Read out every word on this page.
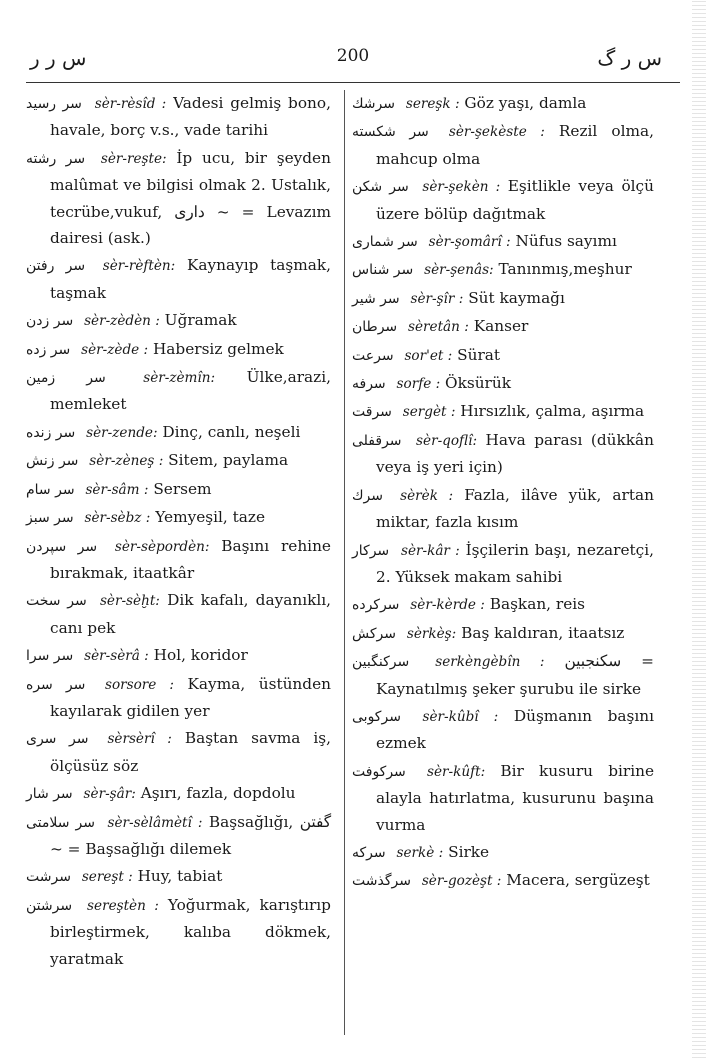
س ر ر	200	س ر گ
سر رسيد sèr-rèsîd : Vadesi gelmiş bono, havale, borç v.s., vade tarihi
سر رشته sèr-reşte: İp ucu, bir şeyden malûmat ve bilgisi olmak 2. Ustalık, tecrübe,vukuf, دارى ~ = Levazım dairesi (ask.)
سر رفتن sèr-rèftèn: Kaynayıp taşmak, taşmak
سر زدن sèr-zèdèn : Uğramak
سر زده sèr-zède : Habersiz gelmek
سر زمين	sèr-zèmîn: Ülke,arazi, memleket
سر زنده sèr-zende: Dinç, canlı, neşeli
سر زنش sèr-zèneş : Sitem, paylama
سر سام sèr-sâm : Sersem
سر سبز sèr-sèbz : Yemyeşil, taze
سر سپردن sèr-sèpordèn: Başını rehine bırakmak, itaatkâr
سر سخت sèr-sèḫt: Dik kafalı, dayanıklı, canı pek
سر سرا sèr-sèrâ : Hol, koridor
سر سره sorsore : Kayma, üstünden kayılarak gidilen yer
سر سرى sèrsèrî : Baştan savma iş, ölçüsüz söz
سر شار sèr-şâr: Aşırı, fazla, dopdolu
سر سلامتى sèr-sèlâmètî : Başsağlığı, گفتن ~ = Başsağlığı dilemek
سرشت sereşt : Huy, tabiat
سرشتن sereştèn : Yoğurmak, karıştırıp birleştirmek, kalıba dökmek, yaratmak
سرشك sereşk : Göz yaşı, damla
سر شكسته sèr-şekèste : Rezil olma, mahcup olma
سر شكن sèr-şekèn : Eşitlikle veya ölçü üzere bölüp dağıtmak
سر شمارى sèr-şomârî : Nüfus sayımı
سر شناس sèr-şenâs: Tanınmış,meşhur
سر شير sèr-şîr : Süt kaymağı
سرطان sèretân : Kanser
سرعت sor'et : Sürat
سرفه sorfe : Öksürük
سرقت sergèt : Hırsızlık, çalma, aşırma
سرقفلى sèr-qoflî: Hava parası (dükkân veya iş yeri için)
سرك sèrèk : Fazla, ilâve yük, artan miktar, fazla kısım
سركار sèr-kâr : İşçilerin başı, nezaretçi, 2. Yüksek makam sahibi
سركرده sèr-kèrde : Başkan, reis
سركش sèrkèş: Baş kaldıran, itaatsız
سركنگبين serkèngèbîn : سكنجبين = Kaynatılmış şeker şurubu ile sirke
سركوبى sèr-kûbî : Düşmanın başını ezmek
سركوفت sèr-kûft: Bir kusuru birine alayla hatırlatma, kusurunu başına vurma
سركه serkè : Sirke
سرگذشت sèr-gozèşt : Macera, sergüzeşt
